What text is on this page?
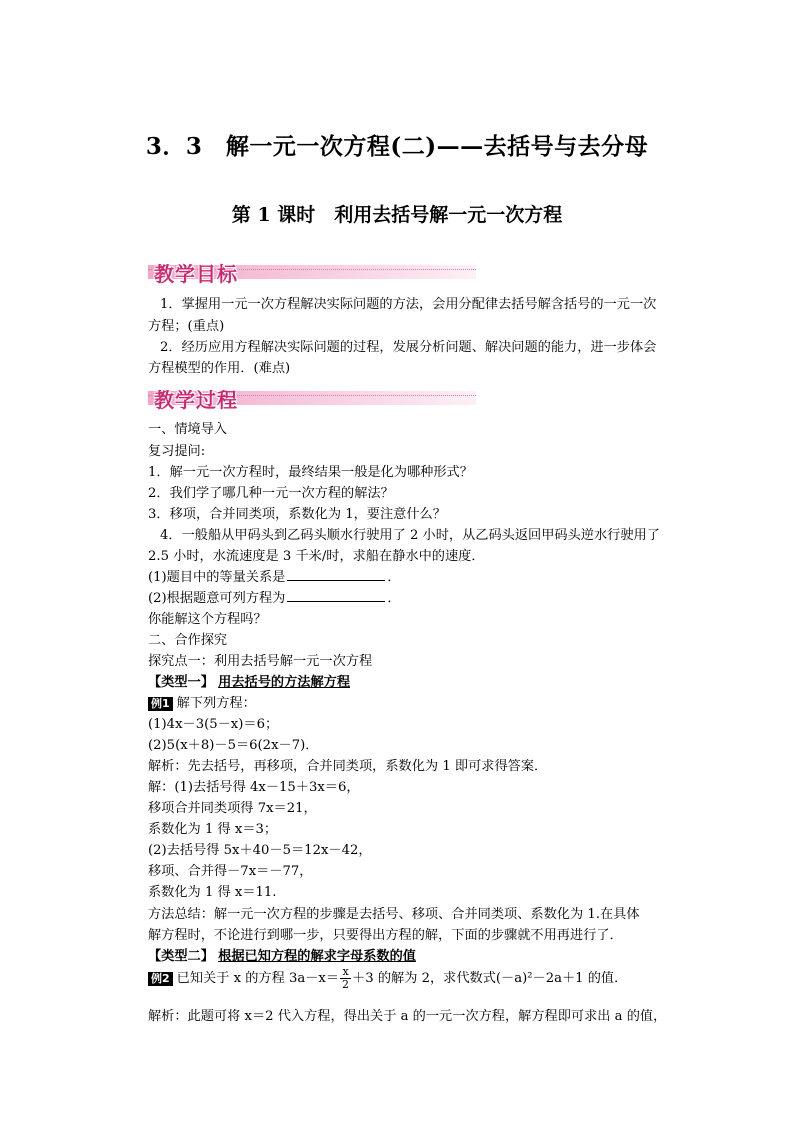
3．3　解一元一次方程(二)——去括号与去分母
第 1 课时　利用去括号解一元一次方程
教学目标
1．掌握用一元一次方程解决实际问题的方法，会用分配律去括号解含括号的一元一次
方程；(重点)
2．经历应用方程解决实际问题的过程，发展分析问题、解决问题的能力，进一步体会
方程模型的作用．(难点)
教学过程
一、情境导入
复习提问:
1．解一元一次方程时，最终结果一般是化为哪种形式？
2．我们学了哪几种一元一次方程的解法？
3．移项，合并同类项，系数化为 1，要注意什么？
4．一般船从甲码头到乙码头顺水行驶用了 2 小时，从乙码头返回甲码头逆水行驶用了
2.5 小时，水流速度是 3 千米/时，求船在静水中的速度．
(1)题目中的等量关系是	．
(2)根据题意可列方程为	．
你能解这个方程吗？
二、合作探究
探究点一：利用去括号解一元一次方程
【类型一】 用去括号的方法解方程
例1 解下列方程：
(1)4x－3(5－x)＝6；
(2)5(x＋8)－5＝6(2x－7)．
解析：先去括号，再移项，合并同类项，系数化为 1 即可求得答案．
解：(1)去括号得 4x－15＋3x＝6，
移项合并同类项得 7x＝21，
系数化为 1 得 x＝3；
(2)去括号得 5x＋40－5＝12x－42，
移项、合并得－7x＝－77，
系数化为 1 得 x＝11.
方法总结：解一元一次方程的步骤是去括号、移项、合并同类项、系数化为 1.在具体
解方程时，不论进行到哪一步，只要得出方程的解，下面的步骤就不用再进行了．
【类型二】 根据已知方程的解求字母系数的值
例2 已知关于 x 的方程 $3a-x= \frac{x}{2} +3$ 的解为 2，求代数式(－a)²－2a＋1 的值．
解析：此题可将 x＝2 代入方程，得出关于 a 的一元一次方程，解方程即可求出 a 的值，
